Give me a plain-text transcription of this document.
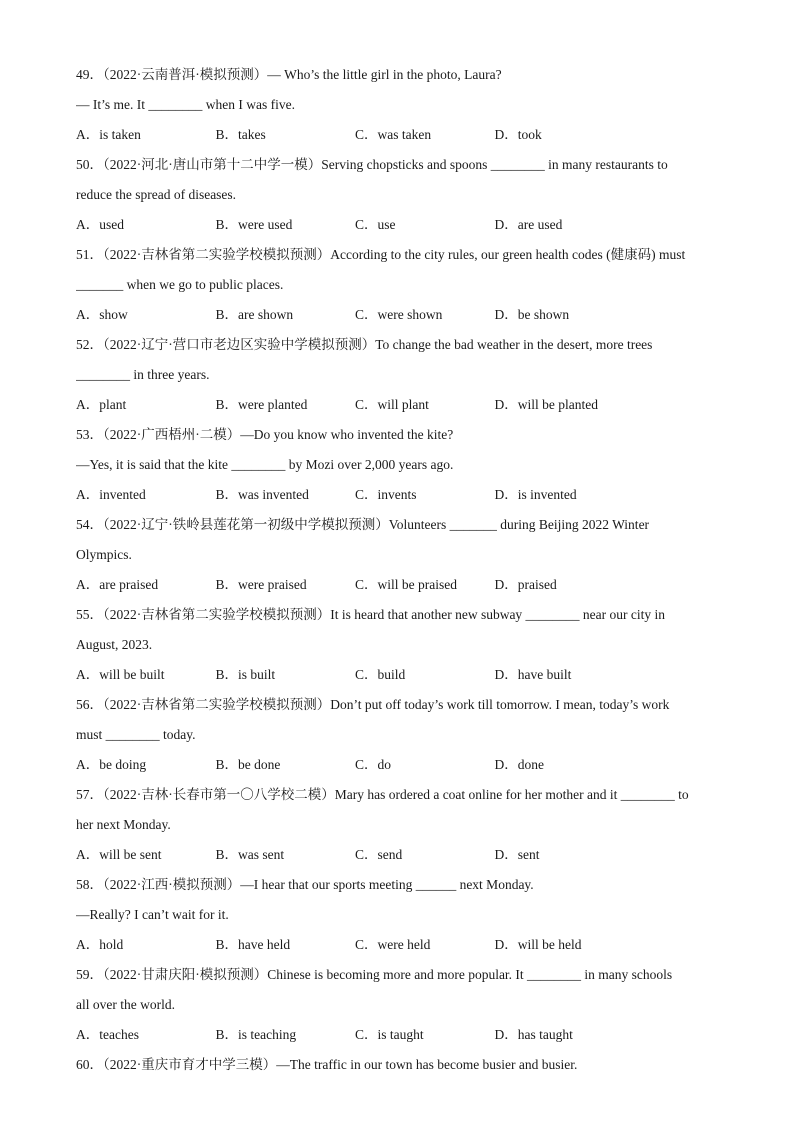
49．（2022·云南普洱·模拟预测）— Who’s the little girl in the photo, Laura?
— It’s me. It ________ when I was five.
A．is taken	B．takes	C．was taken	D．took
50．（2022·河北·唐山市第十二中学一模）Serving chopsticks and spoons ________ in many restaurants to
reduce the spread of diseases.
A．used	B．were used	C．use	D．are used
51．（2022·吉林省第二实验学校模拟预测）According to the city rules, our green health codes (健康码) must
_______ when we go to public places.
A．show	B．are shown	C．were shown	D．be shown
52．（2022·辽宁·营口市老边区实验中学模拟预测）To change the bad weather in the desert, more trees
________ in three years.
A．plant	B．were planted	C．will plant	D．will be planted
53．（2022·广西梧州·二模）—Do you know who invented the kite?
—Yes, it is said that the kite ________ by Mozi over 2,000 years ago.
A．invented	B．was invented	C．invents	D．is invented
54．（2022·辽宁·铁岭县莲花第一初级中学模拟预测）Volunteers _______ during Beijing 2022 Winter
Olympics.
A．are praised	B．were praised	C．will be praised	D．praised
55．（2022·吉林省第二实验学校模拟预测）It is heard that another new subway ________ near our city in
August, 2023.
A．will be built	B．is built	C．build	D．have built
56．（2022·吉林省第二实验学校模拟预测）Don’t put off today’s work till tomorrow. I mean, today’s work
must ________ today.
A．be doing	B．be done	C．do	D．done
57．（2022·吉林·长春市第一〇八学校二模）Mary has ordered a coat online for her mother and it ________ to
her next Monday.
A．will be sent	B．was sent	C．send	D．sent
58．（2022·江西·模拟预测）—I hear that our sports meeting ______ next Monday.
—Really? I can’t wait for it.
A．hold	B．have held	C．were held	D．will be held
59．（2022·甘肃庆阳·模拟预测）Chinese is becoming more and more popular. It ________ in many schools
all over the world.
A．teaches	B．is teaching	C．is taught	D．has taught
60．（2022·重庆市育才中学三模）—The traffic in our town has become busier and busier.
